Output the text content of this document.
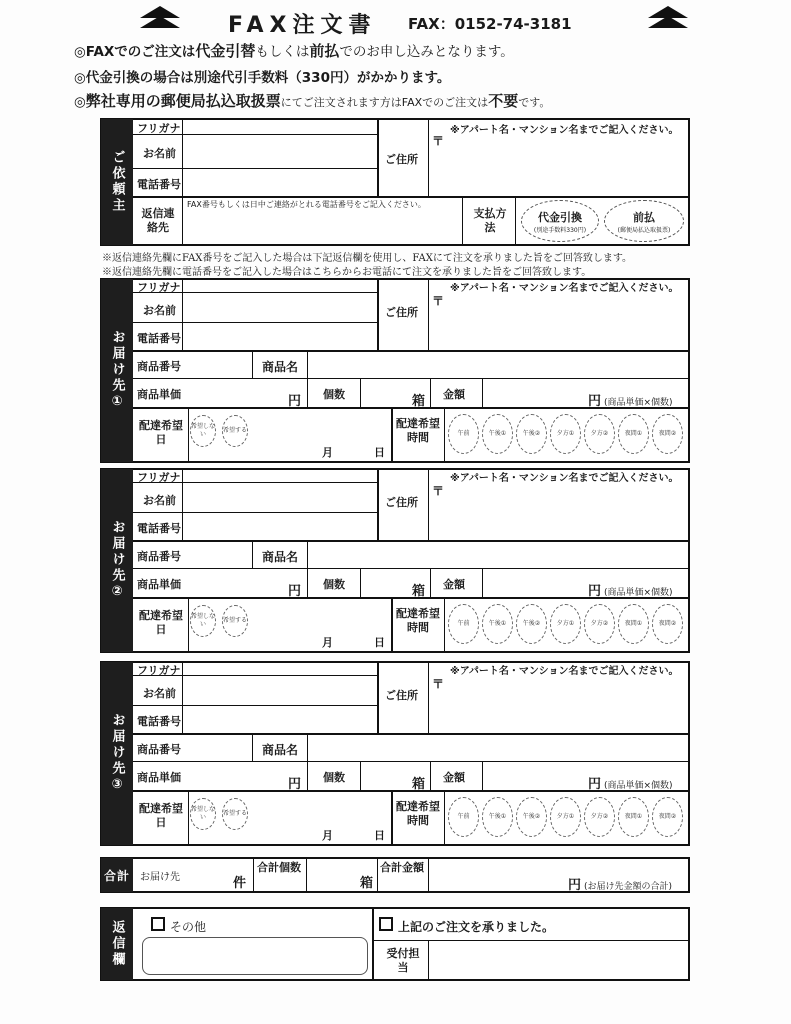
FAX注文書 FAX：0152-74-3181
◎FAXでのご注文は代金引替もしくは前払でのお申し込みとなります。
◎代金引換の場合は別途代引手数料（330円）がかかります。
◎弊社専用の郵便局払込取扱票にてご注文されます方はFAXでのご注文は不要です。
ご依頼主
フリガナ
お名前
電話番号
ご住所
〒
※アパート名・マンション名までご記入ください。
返信連絡先
FAX番号もしくは日中ご連絡がとれる電話番号をご記入ください。
支払方法
代金引換
(別途手数料330円)
前払
(郵便局払込取扱票)
※返信連絡先欄にFAX番号をご記入した場合は下記返信欄を使用し、FAXにて注文を承りました旨をご回答致します。
※返信連絡先欄に電話番号をご記入した場合はこちらからお電話にて注文を承りました旨をご回答致します。
お届け先①
フリガナ
お名前
電話番号
ご住所
〒
※アパート名・マンション名までご記入ください。
商品番号	商品名
商品単価	円 個数	箱 金額	円 (商品単価×個数)
配達希望日
希望しない
希望する
月	日
配達希望時間	午前	午後①	午後②	夕方①	夕方②	夜間①	夜間②
お届け先②
フリガナ
お名前
電話番号
ご住所
〒
※アパート名・マンション名までご記入ください。
商品番号	商品名
商品単価	円 個数	箱 金額	円 (商品単価×個数)
配達希望日
希望しない
希望する
月	日
配達希望時間	午前	午後①	午後②	夕方①	夕方②	夜間①	夜間②
お届け先③
フリガナ
お名前
電話番号
ご住所
〒
※アパート名・マンション名までご記入ください。
商品番号	商品名
商品単価	円 個数	箱 金額	円 (商品単価×個数)
配達希望日
希望しない
希望する
月	日
配達希望時間	午前	午後①	午後②	夕方①	夕方②	夜間①	夜間②
合計	お届け先	件
合計個数
箱
合計金額
円 (お届け先金額の合計)
返信欄	その他	上記のご注文を承りました。
受付担当
